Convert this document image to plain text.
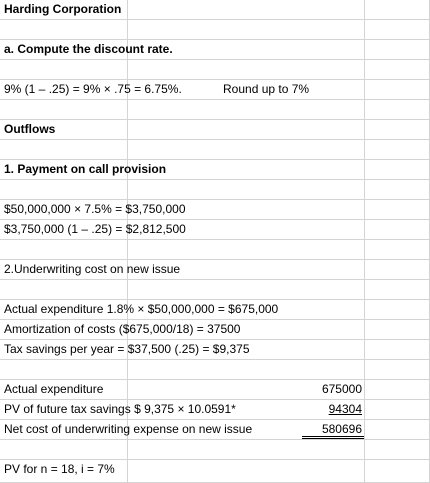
Harding Corporation
a. Compute the discount rate.
9% (1 – .25) = 9% × .75 = 6.75%.	Round up to 7%
Outflows
1. Payment on call provision
$50,000,000 × 7.5% = $3,750,000
$3,750,000 (1 – .25) = $2,812,500
2.Underwriting cost on new issue
Actual expenditure 1.8% × $50,000,000 = $675,000
Amortization of costs ($675,000/18) = 37500
Tax savings per year = $37,500 (.25) = $9,375
Actual expenditure	675000
PV of future tax savings $ 9,375 × 10.0591*	94304
Net cost of underwriting expense on new issue	580696
PV for n = 18, i = 7%
